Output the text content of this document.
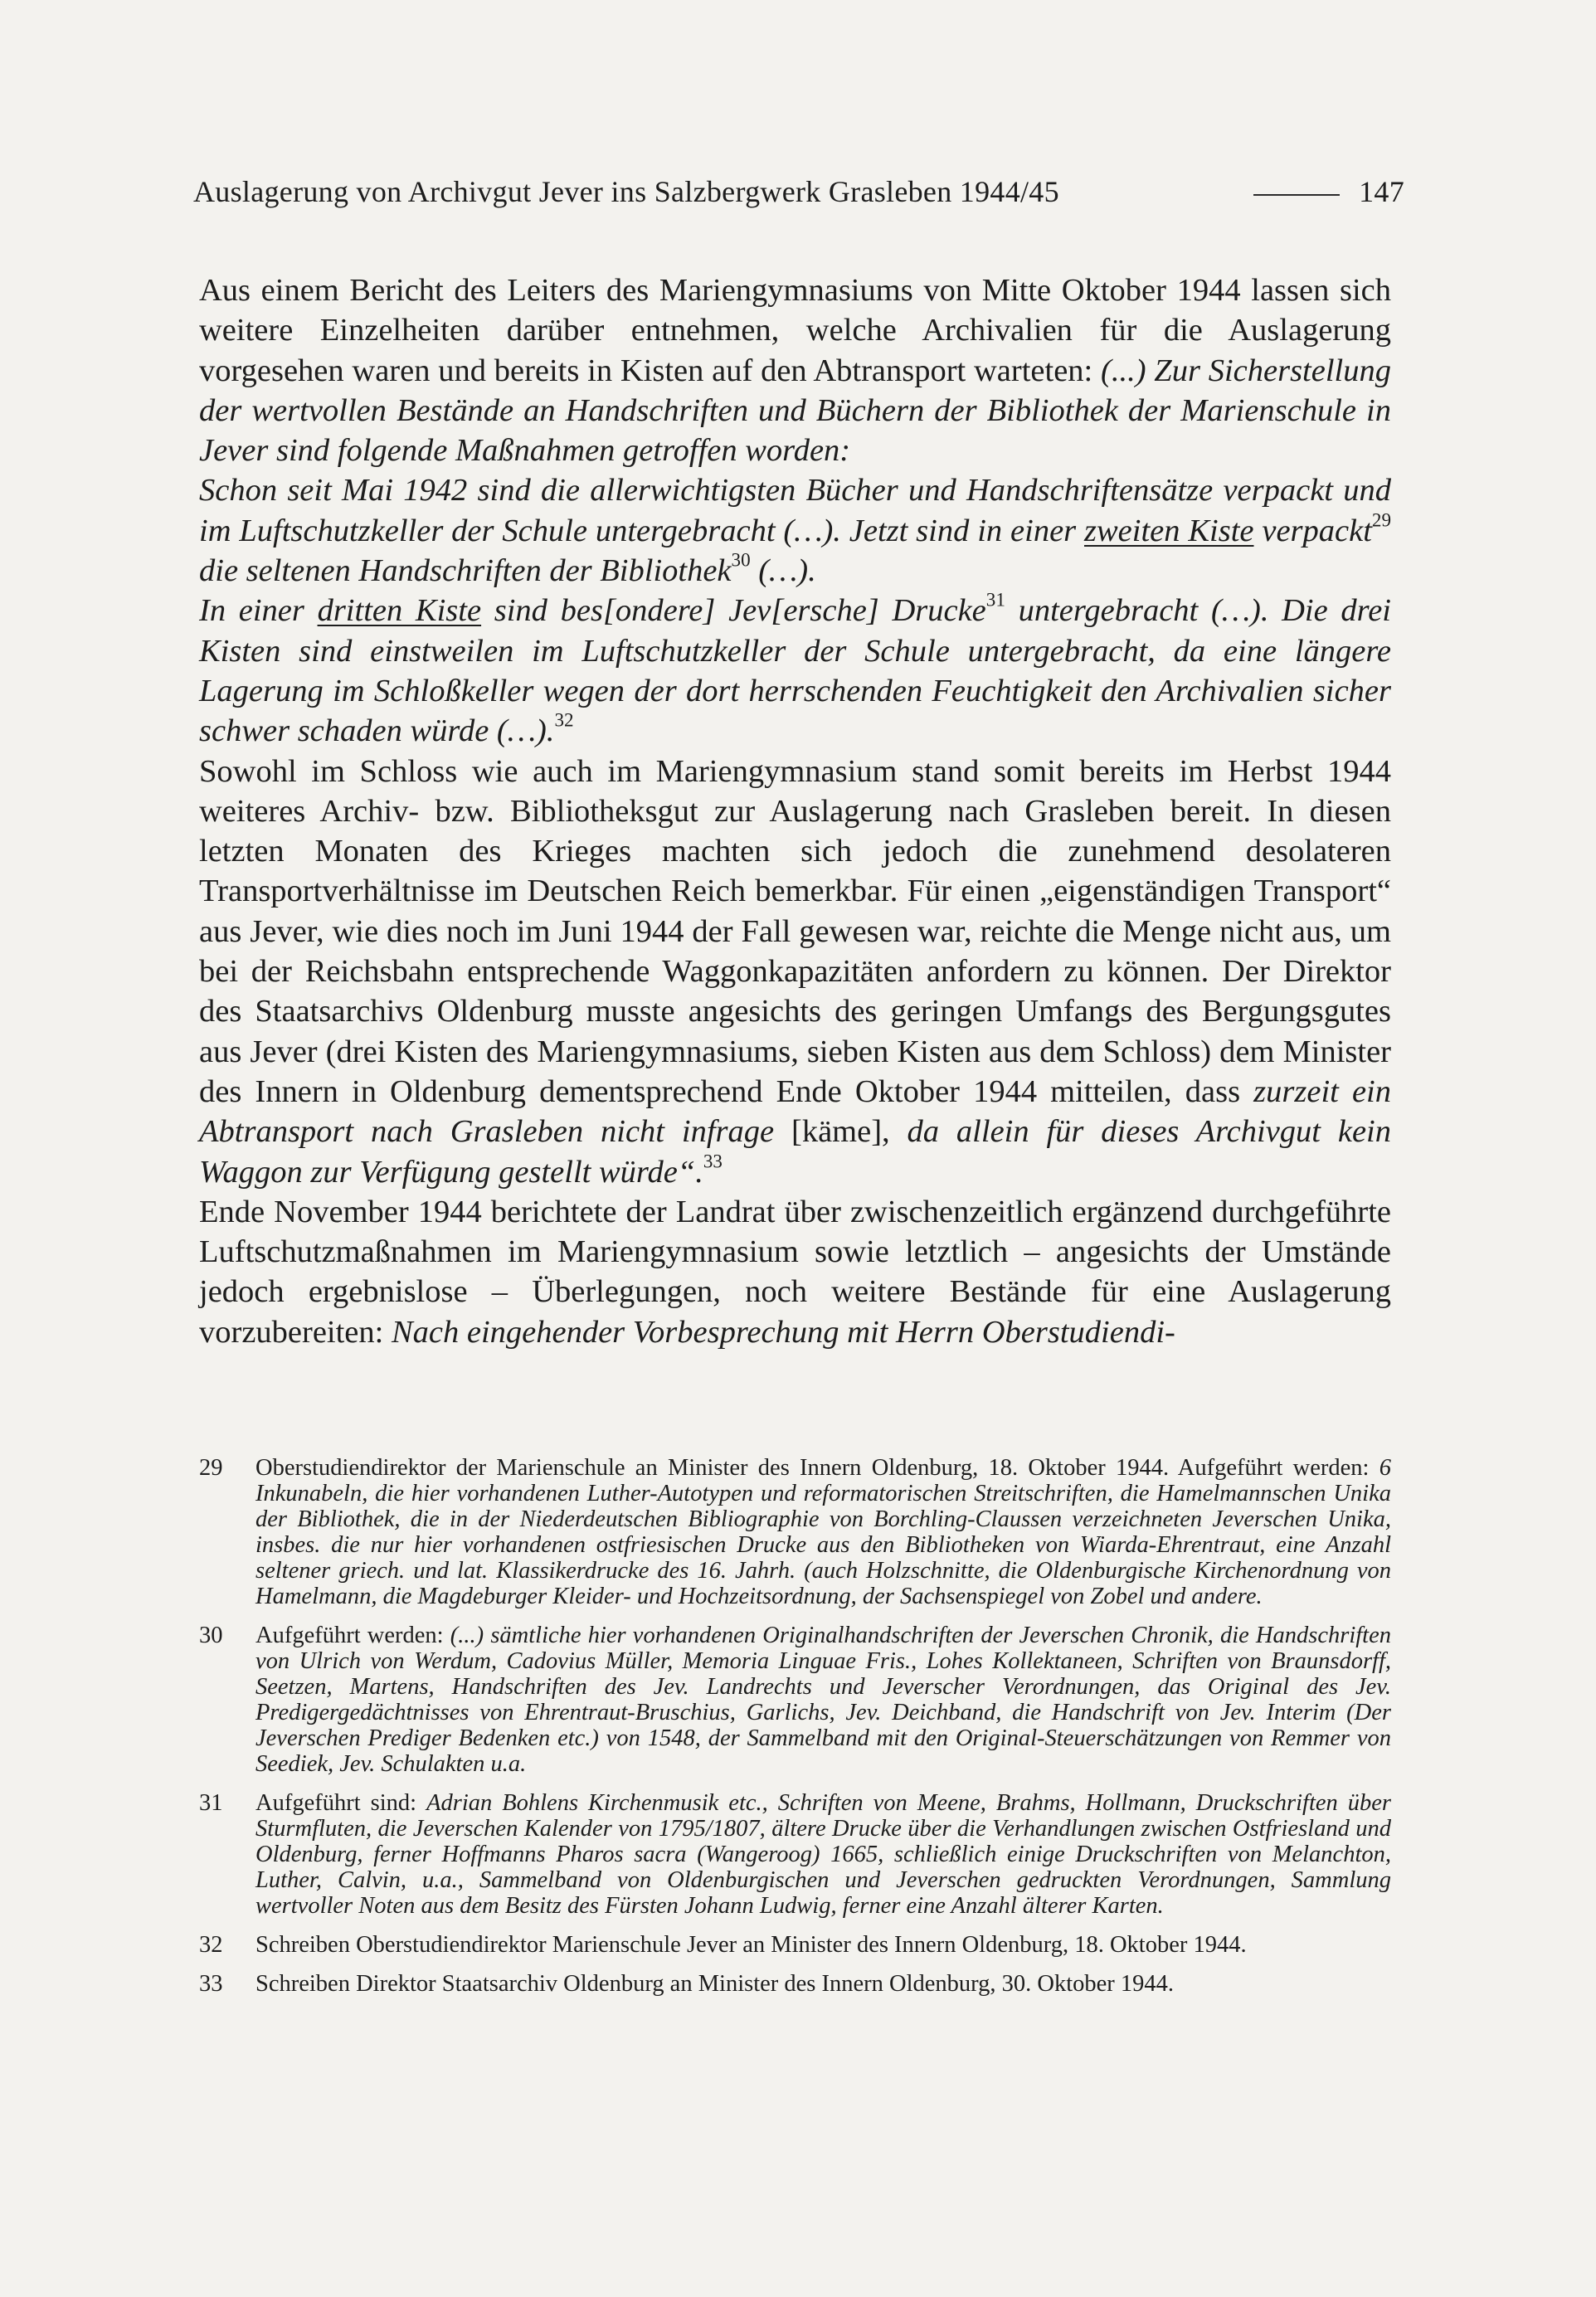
Auslagerung von Archivgut Jever ins Salzbergwerk Grasleben 1944/45	147

Aus einem Bericht des Leiters des Mariengymnasiums von Mitte Oktober 1944 lassen sich weitere Einzelheiten darüber entnehmen, welche Archivalien für die Auslagerung vorgesehen waren und bereits in Kisten auf den Abtransport warteten: (...) Zur Sicherstellung der wertvollen Bestände an Handschriften und Büchern der Bibliothek der Marienschule in Jever sind folgende Maßnahmen getroffen worden:
Schon seit Mai 1942 sind die allerwichtigsten Bücher und Handschriftensätze verpackt und im Luftschutzkeller der Schule untergebracht (…). Jetzt sind in einer zweiten Kiste verpackt$^{29}$ die seltenen Handschriften der Bibliothek$^{30}$ (…).
In einer dritten Kiste sind bes[ondere] Jev[ersche] Drucke$^{31}$ untergebracht (…). Die drei Kisten sind einstweilen im Luftschutzkeller der Schule untergebracht, da eine längere Lagerung im Schloßkeller wegen der dort herrschenden Feuchtigkeit den Archivalien sicher schwer schaden würde (…).$^{32}$

Sowohl im Schloss wie auch im Mariengymnasium stand somit bereits im Herbst 1944 weiteres Archiv- bzw. Bibliotheksgut zur Auslagerung nach Grasleben bereit. In diesen letzten Monaten des Krieges machten sich jedoch die zunehmend desolateren Transportverhältnisse im Deutschen Reich bemerkbar. Für einen „eigenständigen Transport“ aus Jever, wie dies noch im Juni 1944 der Fall gewesen war, reichte die Menge nicht aus, um bei der Reichsbahn entsprechende Waggonkapazitäten anfordern zu können. Der Direktor des Staatsarchivs Oldenburg musste angesichts des geringen Umfangs des Bergungsgutes aus Jever (drei Kisten des Mariengymnasiums, sieben Kisten aus dem Schloss) dem Minister des Innern in Oldenburg dementsprechend Ende Oktober 1944 mitteilen, dass zurzeit ein Abtransport nach Grasleben nicht infrage [käme], da allein für dieses Archivgut kein Waggon zur Verfügung gestellt würde“.$^{33}$

Ende November 1944 berichtete der Landrat über zwischenzeitlich ergänzend durchgeführte Luftschutzmaßnahmen im Mariengymnasium sowie letztlich – angesichts der Umstände jedoch ergebnislose – Überlegungen, noch weitere Bestände für eine Auslagerung vorzubereiten: Nach eingehender Vorbesprechung mit Herrn Oberstudiendi-

29	Oberstudiendirektor der Marienschule an Minister des Innern Oldenburg, 18. Oktober 1944. Aufgeführt werden: 6 Inkunabeln, die hier vorhandenen Luther-Autotypen und reformatorischen Streitschriften, die Hamelmannschen Unika der Bibliothek, die in der Niederdeutschen Bibliographie von Borchling-Claussen verzeichneten Jeverschen Unika, insbes. die nur hier vorhandenen ostfriesischen Drucke aus den Bibliotheken von Wiarda-Ehrentraut, eine Anzahl seltener griech. und lat. Klassikerdrucke des 16. Jahrh. (auch Holzschnitte, die Oldenburgische Kirchenordnung von Hamelmann, die Magdeburger Kleider- und Hochzeitsordnung, der Sachsenspiegel von Zobel und andere.
30	Aufgeführt werden: (...) sämtliche hier vorhandenen Originalhandschriften der Jeverschen Chronik, die Handschriften von Ulrich von Werdum, Cadovius Müller, Memoria Linguae Fris., Lohes Kollektaneen, Schriften von Braunsdorff, Seetzen, Martens, Handschriften des Jev. Landrechts und Jeverscher Verordnungen, das Original des Jev. Predigergedächtnisses von Ehrentraut-Bruschius, Garlichs, Jev. Deichband, die Handschrift von Jev. Interim (Der Jeverschen Prediger Bedenken etc.) von 1548, der Sammelband mit den Original-Steuerschätzungen von Remmer von Seediek, Jev. Schulakten u.a.
31	Aufgeführt sind: Adrian Bohlens Kirchenmusik etc., Schriften von Meene, Brahms, Hollmann, Druckschriften über Sturmfluten, die Jeverschen Kalender von 1795/1807, ältere Drucke über die Verhandlungen zwischen Ostfriesland und Oldenburg, ferner Hoffmanns Pharos sacra (Wangeroog) 1665, schließlich einige Druckschriften von Melanchton, Luther, Calvin, u.a., Sammelband von Oldenburgischen und Jeverschen gedruckten Verordnungen, Sammlung wertvoller Noten aus dem Besitz des Fürsten Johann Ludwig, ferner eine Anzahl älterer Karten.
32	Schreiben Oberstudiendirektor Marienschule Jever an Minister des Innern Oldenburg, 18. Oktober 1944.
33	Schreiben Direktor Staatsarchiv Oldenburg an Minister des Innern Oldenburg, 30. Oktober 1944.
